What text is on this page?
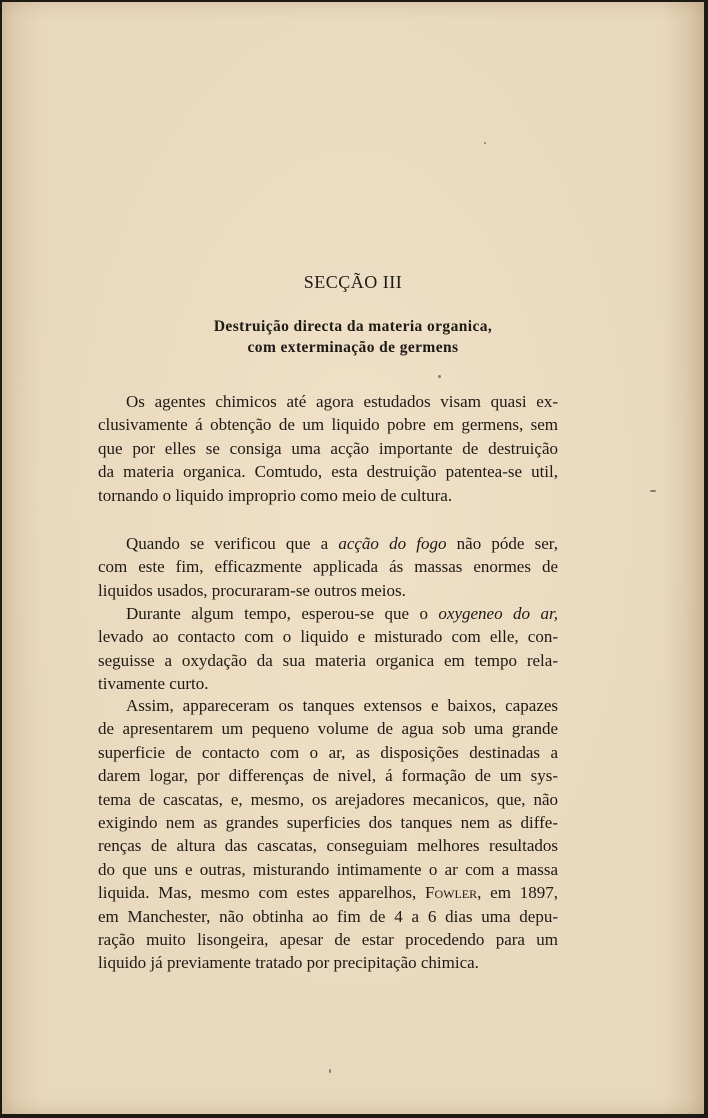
SECÇÃO III
Destruição directa da materia organica,
com exterminação de germens
Os agentes chimicos até agora estudados visam quasi ex-
clusivamente á obtenção de um liquido pobre em germens, sem
que por elles se consiga uma acção importante de destruição
da materia organica. Comtudo, esta destruição patentea-se util,
tornando o liquido improprio como meio de cultura.
Quando se verificou que a acção do fogo não póde ser,
com este fim, efficazmente applicada ás massas enormes de
liquidos usados, procuraram-se outros meios.
Durante algum tempo, esperou-se que o oxygeneo do ar,
levado ao contacto com o liquido e misturado com elle, con-
seguisse a oxydação da sua materia organica em tempo rela-
tivamente curto.
Assim, appareceram os tanques extensos e baixos, capazes
de apresentarem um pequeno volume de agua sob uma grande
superficie de contacto com o ar, as disposições destinadas a
darem logar, por differenças de nivel, á formação de um sys-
tema de cascatas, e, mesmo, os arejadores mecanicos, que, não
exigindo nem as grandes superficies dos tanques nem as diffe-
renças de altura das cascatas, conseguiam melhores resultados
do que uns e outras, misturando intimamente o ar com a massa
liquida. Mas, mesmo com estes apparelhos, Fowler, em 1897,
em Manchester, não obtinha ao fim de 4 a 6 dias uma depu-
ração muito lisongeira, apesar de estar procedendo para um
liquido já previamente tratado por precipitação chimica.
